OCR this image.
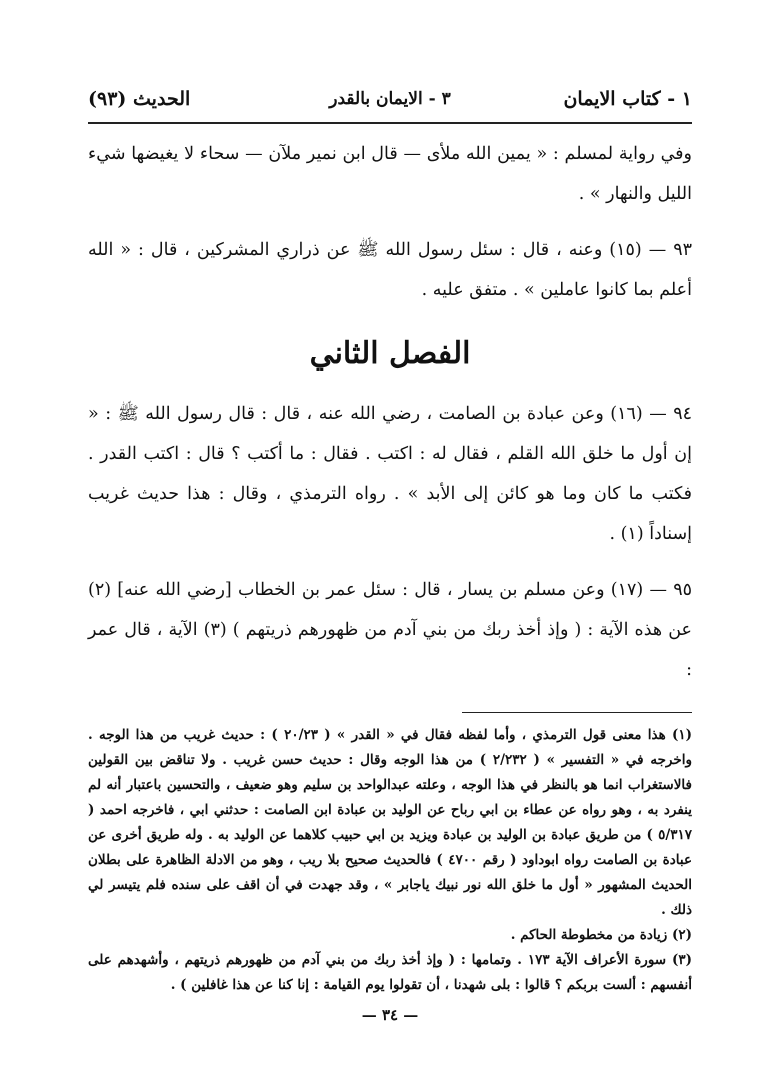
١ - كتاب الايمان
٣ - الايمان بالقدر
الحديث (٩٣)

وفي رواية لمسلم : « يمين الله ملأى — قال ابن نمير ملآن — سحاء لا يغيضها شيء الليل والنهار » .

٩٣ — (١٥) وعنه ، قال : سئل رسول الله ﷺ عن ذراري المشركين ، قال : « الله أعلم بما كانوا عاملين » . متفق عليه .

الفصل الثاني

٩٤ — (١٦) وعن عبادة بن الصامت ، رضي الله عنه ، قال : قال رسول الله ﷺ : « إن أول ما خلق الله القلم ، فقال له : اكتب . فقال : ما أكتب ؟ قال : اكتب القدر . فكتب ما كان وما هو كائن إلى الأبد » . رواه الترمذي ، وقال : هذا حديث غريب إسناداً (١) .

٩٥ — (١٧) وعن مسلم بن يسار ، قال : سئل عمر بن الخطاب [رضي الله عنه] (٢) عن هذه الآية : ( وإذ أخذ ربك من بني آدم من ظهورهم ذريتهم ) (٣) الآية ، قال عمر :

(١) هذا معنى قول الترمذي ، وأما لفظه فقال في « القدر » ( ٢٠/٢٣ ) : حديث غريب من هذا الوجه . واخرجه في « التفسير » ( ٢/٢٣٢ ) من هذا الوجه وقال : حديث حسن غريب . ولا تناقض بين القولين فالاستغراب انما هو بالنظر في هذا الوجه ، وعلته عبدالواحد بن سليم وهو ضعيف ، والتحسين باعتبار أنه لم ينفرد به ، وهو رواه عن عطاء بن ابي رباح عن الوليد بن عبادة ابن الصامت : حدثني ابي ، فاخرجه احمد ( ٥/٣١٧ ) من طريق عبادة بن الوليد بن عبادة ويزيد بن ابي حبيب كلاهما عن الوليد به . وله طريق أخرى عن عبادة بن الصامت رواه ابوداود ( رقم ٤٧٠٠ ) فالحديث صحيح بلا ريب ، وهو من الادلة الظاهرة على بطلان الحديث المشهور « أول ما خلق الله نور نبيك ياجابر » ، وقد جهدت في أن اقف على سنده فلم يتيسر لي ذلك .

(٢) زيادة من مخطوطة الحاكم .

(٣) سورة الأعراف الآية ١٧٣ . وتمامها : ( وإذ أخذ ربك من بني آدم من ظهورهم ذريتهم ، وأشهدهم على أنفسهم : ألست بربكم ؟ قالوا : بلى شهدنا ، أن تقولوا يوم القيامة : إنا كنا عن هذا غافلين ) .

— ٣٤ —
